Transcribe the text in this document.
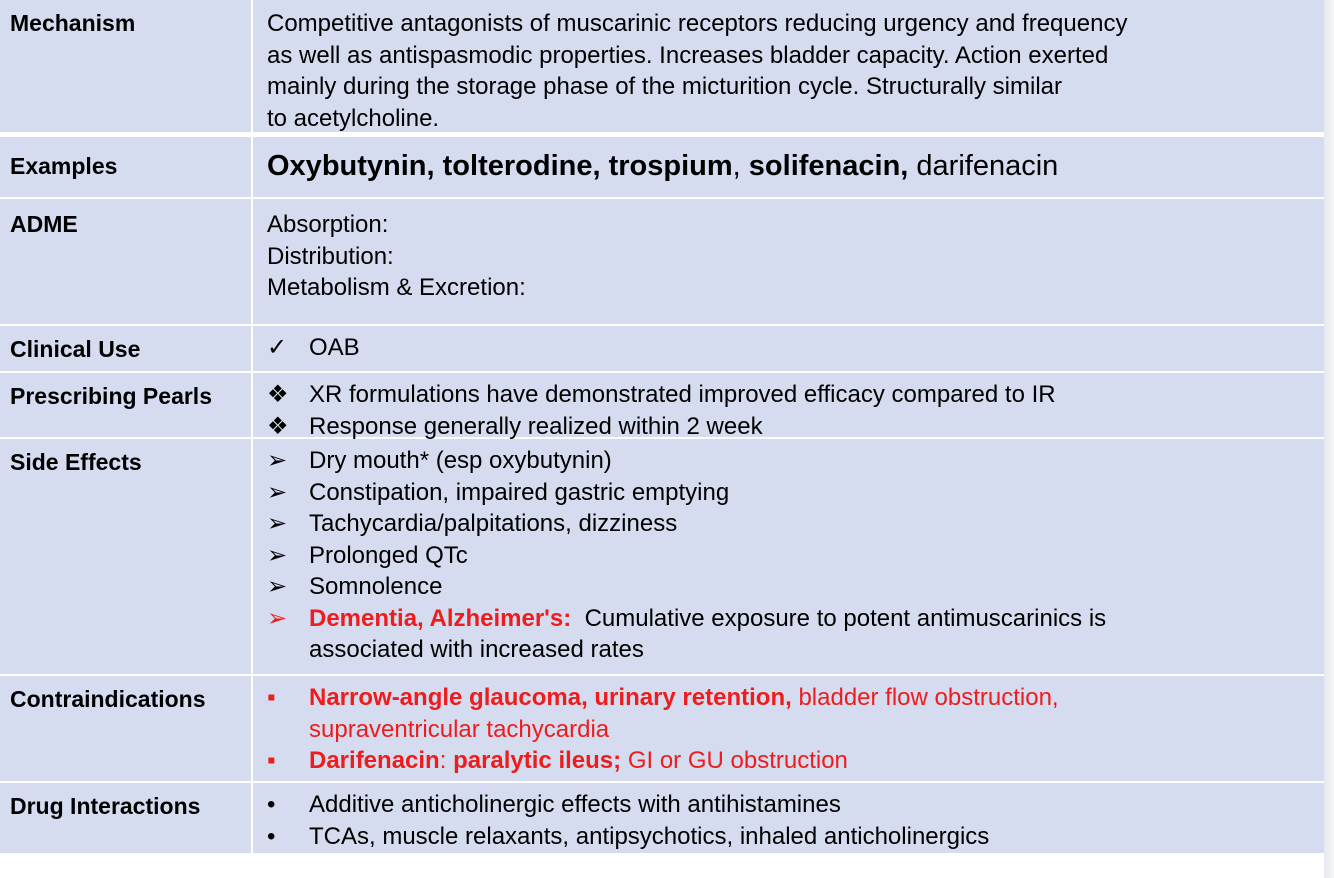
Mechanism	Competitive antagonists of muscarinic receptors reducing urgency and frequency
as well as antispasmodic properties. Increases bladder capacity. Action exerted
mainly during the storage phase of the micturition cycle. Structurally similar
to acetylcholine.
Examples	Oxybutynin, tolterodine, trospium, solifenacin, darifenacin
ADME	Absorption:
Distribution:
Metabolism & Excretion:
Clinical Use	✓ OAB
Prescribing Pearls	❖ XR formulations have demonstrated improved efficacy compared to IR
❖ Response generally realized within 2 week
Side Effects	➢ Dry mouth* (esp oxybutynin)
➢ Constipation, impaired gastric emptying
➢ Tachycardia/palpitations, dizziness
➢ Prolonged QTc
➢ Somnolence
➢ Dementia, Alzheimer's: Cumulative exposure to potent antimuscarinics is
associated with increased rates
Contraindications	▪	Narrow-angle glaucoma, urinary retention, bladder flow obstruction,
supraventricular tachycardia
▪	Darifenacin: paralytic ileus; GI or GU obstruction
Drug Interactions	•	Additive anticholinergic effects with antihistamines
•	TCAs, muscle relaxants, antipsychotics, inhaled anticholinergics
